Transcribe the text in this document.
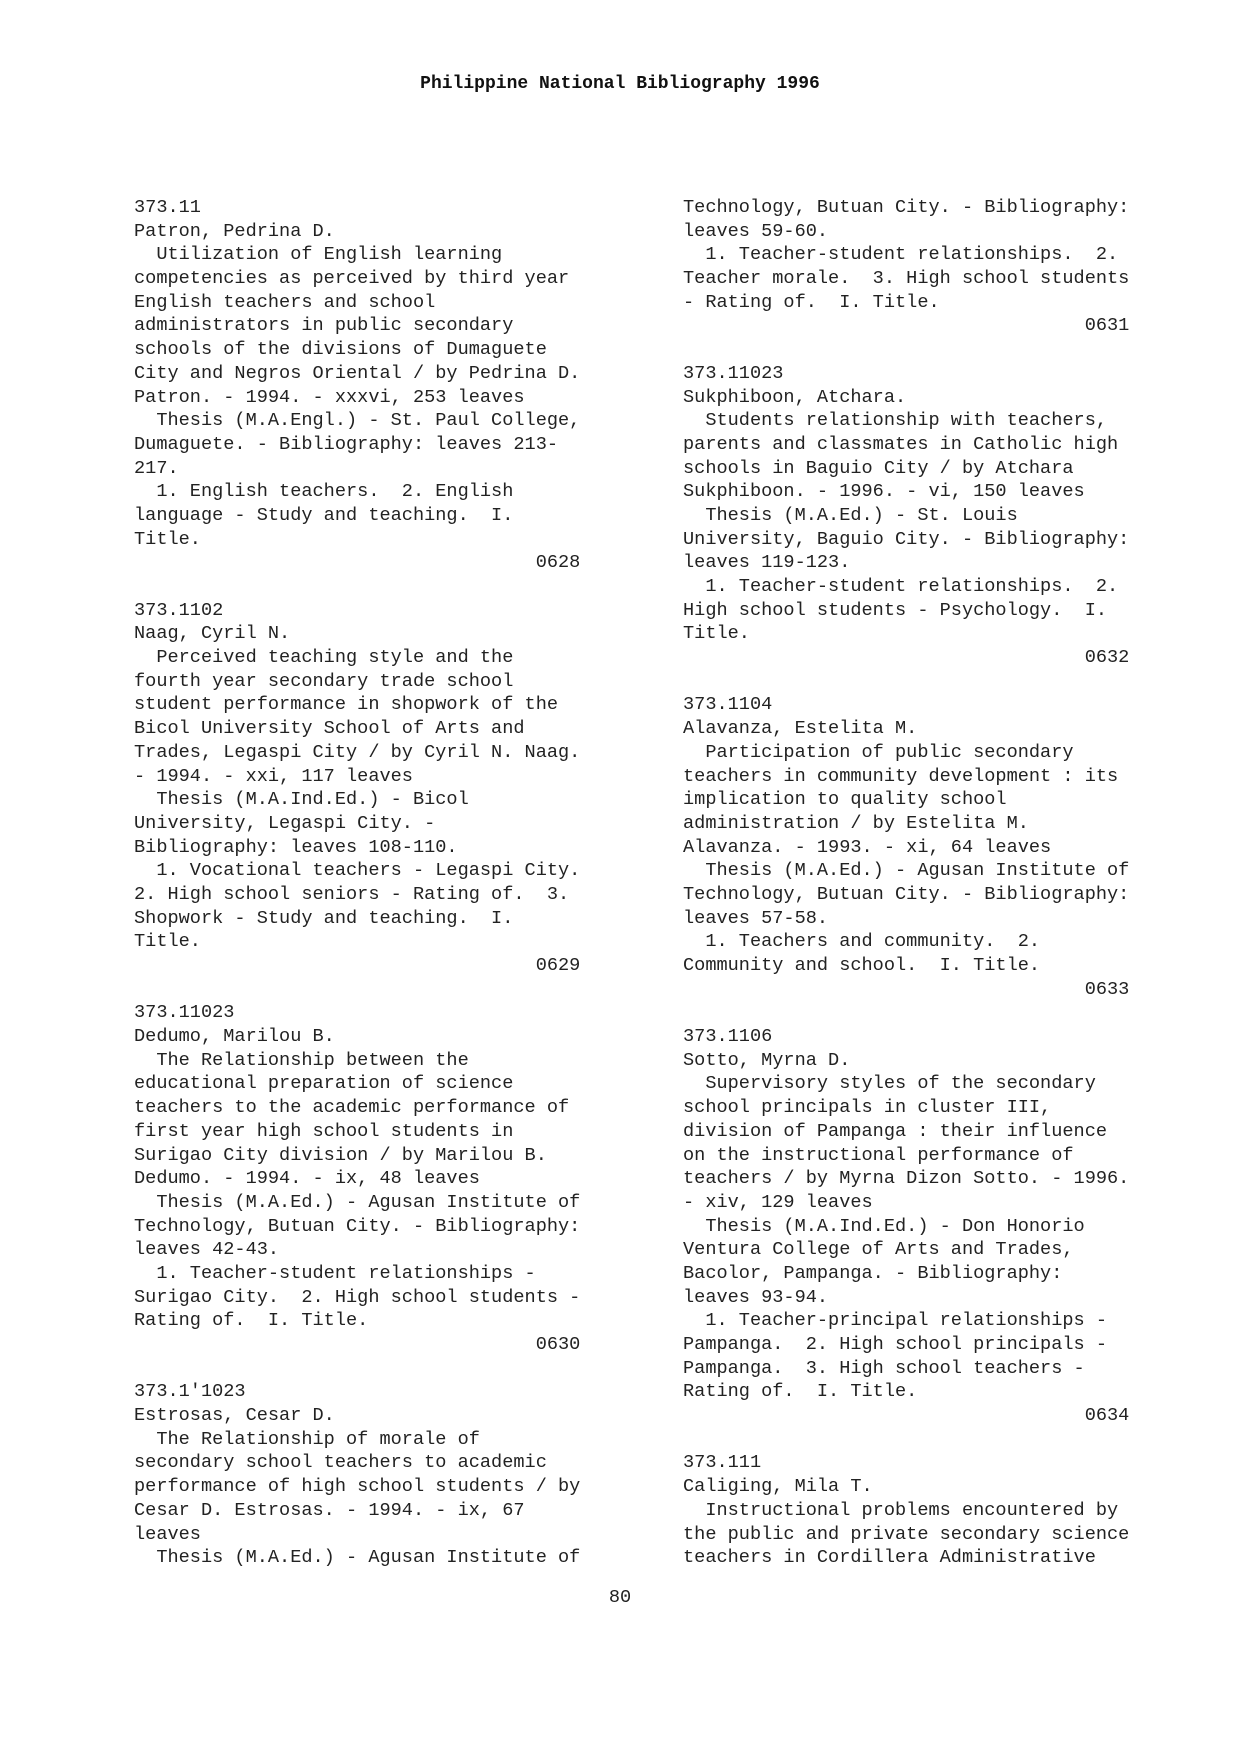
Philippine National Bibliography 1996
373.11
Patron, Pedrina D.
Utilization of English learning
competencies as perceived by third year
English teachers and school
administrators in public secondary
schools of the divisions of Dumaguete
City and Negros Oriental / by Pedrina D.
Patron. - 1994. - xxxvi, 253 leaves
Thesis (M.A.Engl.) - St. Paul College,
Dumaguete. - Bibliography: leaves 213-
217.
1. English teachers.  2. English
language - Study and teaching.  I.
Title.
0628
373.1102
Naag, Cyril N.
Perceived teaching style and the
fourth year secondary trade school
student performance in shopwork of the
Bicol University School of Arts and
Trades, Legaspi City / by Cyril N. Naag.
- 1994. - xxi, 117 leaves
Thesis (M.A.Ind.Ed.) - Bicol
University, Legaspi City. -
Bibliography: leaves 108-110.
1. Vocational teachers - Legaspi City.
2. High school seniors - Rating of.  3.
Shopwork - Study and teaching.  I.
Title.
0629
373.11023
Dedumo, Marilou B.
The Relationship between the
educational preparation of science
teachers to the academic performance of
first year high school students in
Surigao City division / by Marilou B.
Dedumo. - 1994. - ix, 48 leaves
Thesis (M.A.Ed.) - Agusan Institute of
Technology, Butuan City. - Bibliography:
leaves 42-43.
1. Teacher-student relationships -
Surigao City.  2. High school students -
Rating of.  I. Title.
0630
373.1'1023
Estrosas, Cesar D.
The Relationship of morale of
secondary school teachers to academic
performance of high school students / by
Cesar D. Estrosas. - 1994. - ix, 67
leaves
Thesis (M.A.Ed.) - Agusan Institute of
Technology, Butuan City. - Bibliography:
leaves 59-60.
1. Teacher-student relationships.  2.
Teacher morale.  3. High school students
- Rating of.  I. Title.
0631
373.11023
Sukphiboon, Atchara.
Students relationship with teachers,
parents and classmates in Catholic high
schools in Baguio City / by Atchara
Sukphiboon. - 1996. - vi, 150 leaves
Thesis (M.A.Ed.) - St. Louis
University, Baguio City. - Bibliography:
leaves 119-123.
1. Teacher-student relationships.  2.
High school students - Psychology.  I.
Title.
0632
373.1104
Alavanza, Estelita M.
Participation of public secondary
teachers in community development : its
implication to quality school
administration / by Estelita M.
Alavanza. - 1993. - xi, 64 leaves
Thesis (M.A.Ed.) - Agusan Institute of
Technology, Butuan City. - Bibliography:
leaves 57-58.
1. Teachers and community.  2.
Community and school.  I. Title.
0633
373.1106
Sotto, Myrna D.
Supervisory styles of the secondary
school principals in cluster III,
division of Pampanga : their influence
on the instructional performance of
teachers / by Myrna Dizon Sotto. - 1996.
- xiv, 129 leaves
Thesis (M.A.Ind.Ed.) - Don Honorio
Ventura College of Arts and Trades,
Bacolor, Pampanga. - Bibliography:
leaves 93-94.
1. Teacher-principal relationships -
Pampanga.  2. High school principals -
Pampanga.  3. High school teachers -
Rating of.  I. Title.
0634
373.111
Caliging, Mila T.
Instructional problems encountered by
the public and private secondary science
teachers in Cordillera Administrative
80
